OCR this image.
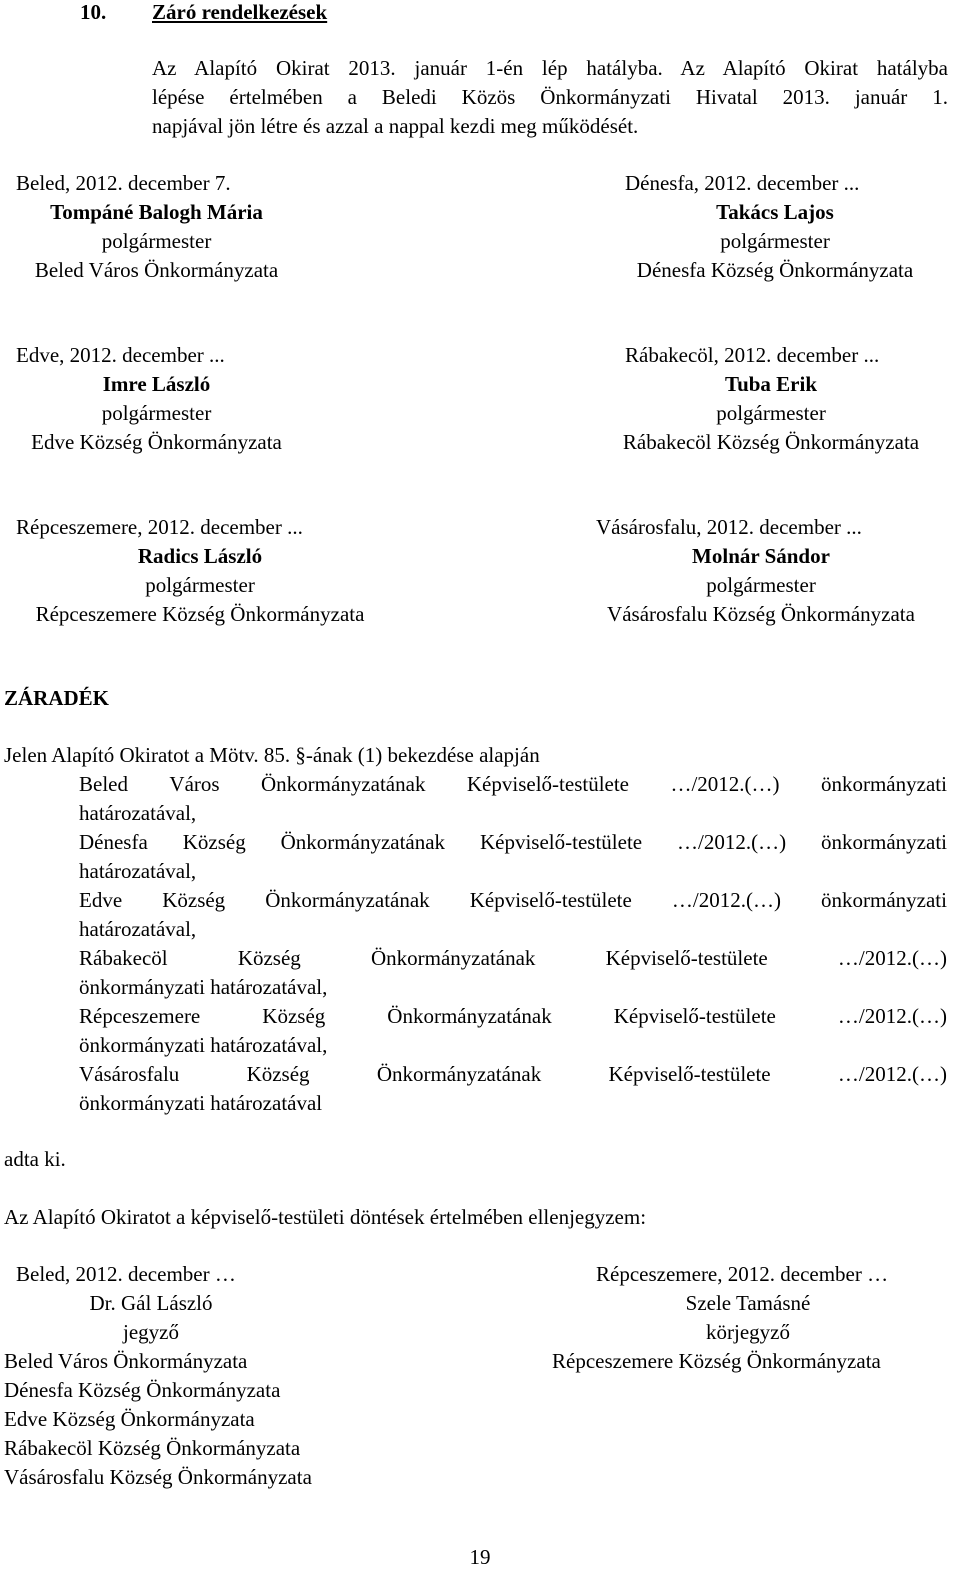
10. Záró rendelkezések
Az Alapító Okirat 2013. január 1-én lép hatályba. Az Alapító Okirat hatályba
lépése értelmében a Beledi Közös Önkormányzati Hivatal 2013. január 1.
napjával jön létre és azzal a nappal kezdi meg működését.
Beled, 2012. december 7.
Tompáné Balogh Mária
polgármester
Beled Város Önkormányzata
Dénesfa, 2012. december ...
Takács Lajos
polgármester
Dénesfa Község Önkormányzata
Edve, 2012. december ...
Imre László
polgármester
Edve Község Önkormányzata
Rábakecöl, 2012. december ...
Tuba Erik
polgármester
Rábakecöl Község Önkormányzata
Répceszemere, 2012. december ...
Radics László
polgármester
Répceszemere Község Önkormányzata
Vásárosfalu, 2012. december ...
Molnár Sándor
polgármester
Vásárosfalu Község Önkormányzata
ZÁRADÉK
Jelen Alapító Okiratot a Mötv. 85. §-ának (1) bekezdése alapján
Beled Város Önkormányzatának Képviselő-testülete …/2012.(…) önkormányzati
határozatával,
Dénesfa Község Önkormányzatának Képviselő-testülete …/2012.(…) önkormányzati
határozatával,
Edve Község Önkormányzatának Képviselő-testülete …/2012.(…) önkormányzati
határozatával,
Rábakecöl	Község	Önkormányzatának	Képviselő-testülete	…/2012.(…)
önkormányzati határozatával,
Répceszemere	Község	Önkormányzatának	Képviselő-testülete	…/2012.(…)
önkormányzati határozatával,
Vásárosfalu	Község	Önkormányzatának	Képviselő-testülete	…/2012.(…)
önkormányzati határozatával
adta ki.
Az Alapító Okiratot a képviselő-testületi döntések értelmében ellenjegyzem:
Beled, 2012. december …
Dr. Gál László
jegyző
Beled Város Önkormányzata
Dénesfa Község Önkormányzata
Edve Község Önkormányzata
Rábakecöl Község Önkormányzata
Vásárosfalu Község Önkormányzata
Répceszemere, 2012. december …
Szele Tamásné
körjegyző
Répceszemere Község Önkormányzata
19
